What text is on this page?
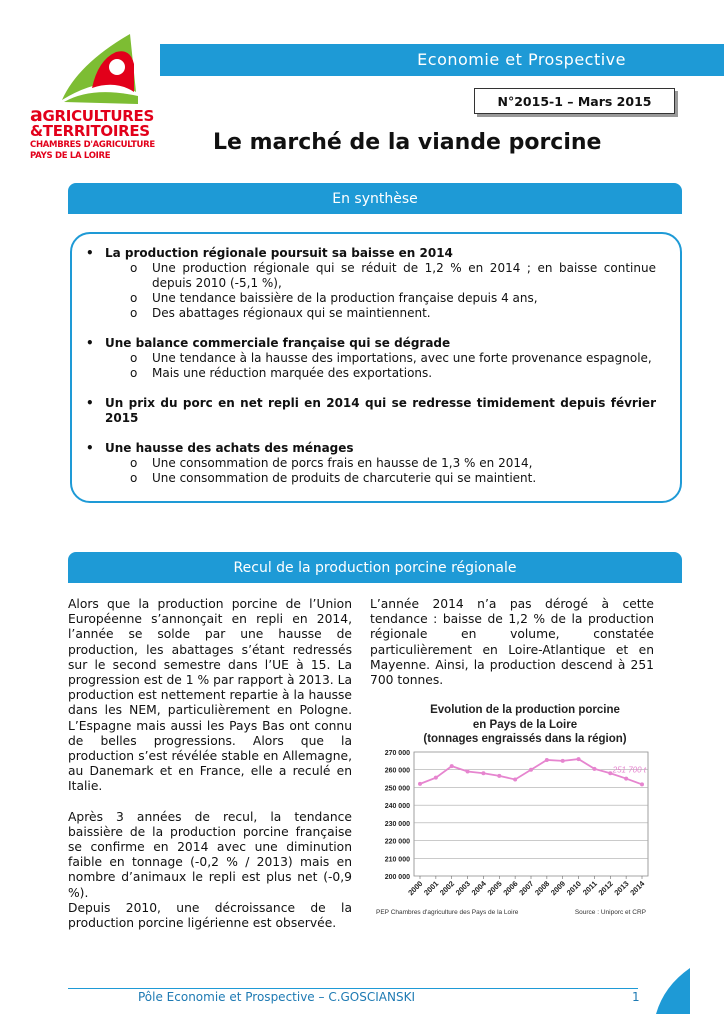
aGRICULTURES
&TERRITOIRES
CHAMBRES D'AGRICULTURE
PAYS DE LA LOIRE
Economie et Prospective
N°2015-1 – Mars 2015
Le marché de la viande porcine
En synthèse
• La production régionale poursuit sa baisse en 2014
o	Une production régionale qui se réduit de 1,2 % en 2014 ; en baisse continue depuis 2010 (-5,1 %),
o	Une tendance baissière de la production française depuis 4 ans,
o	Des abattages régionaux qui se maintiennent.
• Une balance commerciale française qui se dégrade
o	Une tendance à la hausse des importations, avec une forte provenance espagnole,
o	Mais une réduction marquée des exportations.
• Un prix du porc en net repli en 2014 qui se redresse timidement depuis février 2015
• Une hausse des achats des ménages
o	Une consommation de porcs frais en hausse de 1,3 % en 2014,
o	Une consommation de produits de charcuterie qui se maintient.
Recul de la production porcine régionale

Alors que la production porcine de l’Union Européenne s’annonçait en repli en 2014, l’année se solde par une hausse de production, les abattages s’étant redressés sur le second semestre dans l’UE à 15. La progression est de 1 % par rapport à 2013. La production est nettement repartie à la hausse dans les NEM, particulièrement en Pologne. L’Espagne mais aussi les Pays Bas ont connu de belles progressions. Alors que la production s’est révélée stable en Allemagne, au Danemark et en France, elle a reculé en Italie.

Après 3 années de recul, la tendance baissière de la production porcine française se confirme en 2014 avec une diminution faible en tonnage (-0,2 % / 2013) mais en nombre d’animaux le repli est plus net (-0,9 %).

Depuis 2010, une décroissance de la production porcine ligérienne est observée.

L’année 2014 n’a pas dérogé à cette tendance : baisse de 1,2 % de la production régionale en volume, constatée particulièrement en Loire-Atlantique et en Mayenne. Ainsi, la production descend à 251 700 tonnes.

Evolution de la production porcine
en Pays de la Loire
(tonnages engraissés dans la région)
200 000
210 000
220 000
230 000
240 000
250 000
260 000
270 000
2000
2001
2002
2003
2004
2005
2006
2007
2008
2009
2010
2011
2012
2013
2014
251 700 t
PEP Chambres d'agriculture des Pays de la Loire	Source : Uniporc et CRP
Pôle Economie et Prospective – C.GOSCIANSKI	1
